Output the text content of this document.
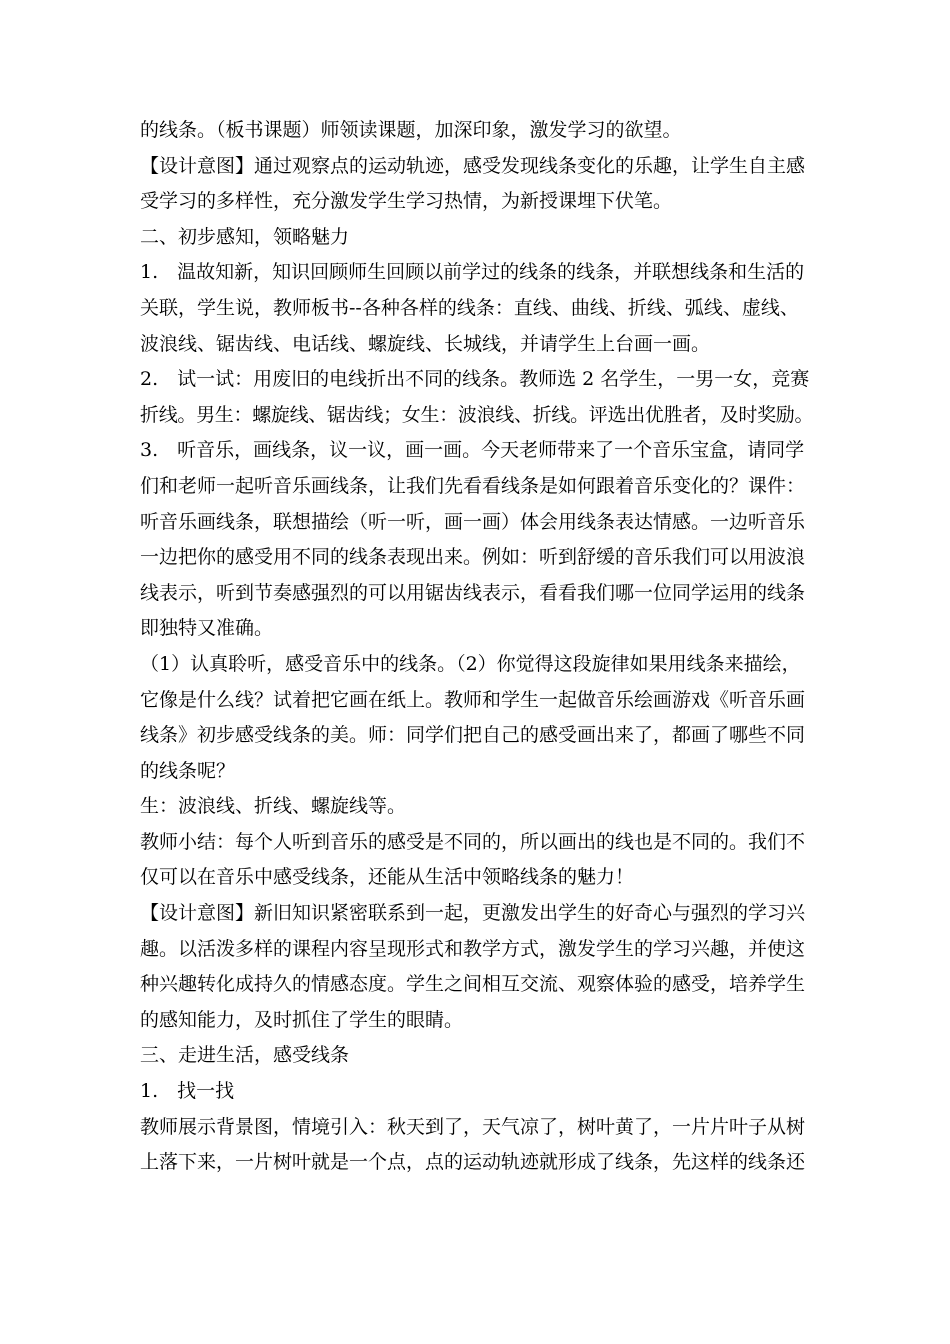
的线条。（板书课题）师领读课题，加深印象，激发学习的欲望。
【设计意图】通过观察点的运动轨迹，感受发现线条变化的乐趣，让学生自主感
受学习的多样性，充分激发学生学习热情，为新授课埋下伏笔。
二、初步感知，领略魅力
1.　温故知新，知识回顾师生回顾以前学过的线条的线条，并联想线条和生活的
关联，学生说，教师板书--各种各样的线条：直线、曲线、折线、弧线、虚线、
波浪线、锯齿线、电话线、螺旋线、长城线，并请学生上台画一画。
2.　试一试：用废旧的电线折出不同的线条。教师选 2 名学生，一男一女，竞赛
折线。男生：螺旋线、锯齿线；女生：波浪线、折线。评选出优胜者，及时奖励。
3.　听音乐，画线条，议一议，画一画。今天老师带来了一个音乐宝盒，请同学
们和老师一起听音乐画线条，让我们先看看线条是如何跟着音乐变化的？课件：
听音乐画线条，联想描绘（听一听，画一画）体会用线条表达情感。一边听音乐
一边把你的感受用不同的线条表现出来。例如：听到舒缓的音乐我们可以用波浪
线表示，听到节奏感强烈的可以用锯齿线表示，看看我们哪一位同学运用的线条
即独特又准确。
（1）认真聆听，感受音乐中的线条。（2）你觉得这段旋律如果用线条来描绘，
它像是什么线？试着把它画在纸上。教师和学生一起做音乐绘画游戏《听音乐画
线条》初步感受线条的美。师：同学们把自己的感受画出来了，都画了哪些不同
的线条呢？
生：波浪线、折线、螺旋线等。
教师小结：每个人听到音乐的感受是不同的，所以画出的线也是不同的。我们不
仅可以在音乐中感受线条，还能从生活中领略线条的魅力！
【设计意图】新旧知识紧密联系到一起，更激发出学生的好奇心与强烈的学习兴
趣。以活泼多样的课程内容呈现形式和教学方式，激发学生的学习兴趣，并使这
种兴趣转化成持久的情感态度。学生之间相互交流、观察体验的感受，培养学生
的感知能力，及时抓住了学生的眼睛。
三、走进生活，感受线条
1.　找一找
教师展示背景图，情境引入：秋天到了，天气凉了，树叶黄了，一片片叶子从树
上落下来，一片树叶就是一个点，点的运动轨迹就形成了线条，先这样的线条还
